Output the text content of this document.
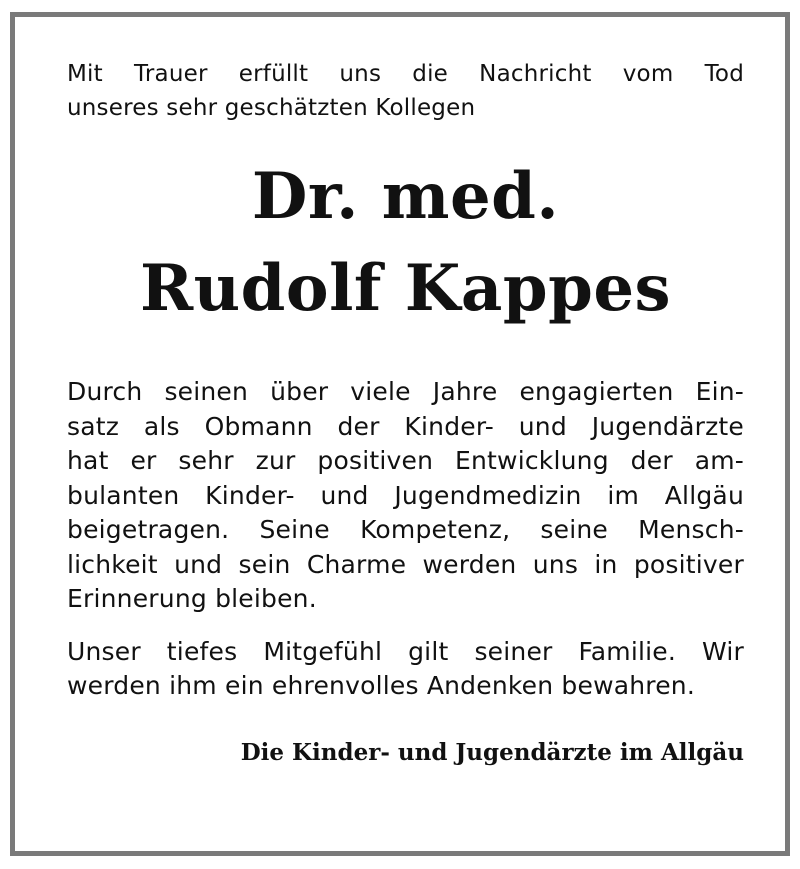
Mit Trauer erfüllt uns die Nachricht vom Tod
unseres sehr geschätzten Kollegen
Dr. med.
Rudolf Kappes
Durch seinen über viele Jahre engagierten Ein-
satz als Obmann der Kinder- und Jugendärzte
hat er sehr zur positiven Entwicklung der am-
bulanten Kinder- und Jugendmedizin im Allgäu
beigetragen. Seine Kompetenz, seine Mensch-
lichkeit und sein Charme werden uns in positiver
Erinnerung bleiben.
Unser tiefes Mitgefühl gilt seiner Familie. Wir
werden ihm ein ehrenvolles Andenken bewahren.
Die Kinder- und Jugendärzte im Allgäu
